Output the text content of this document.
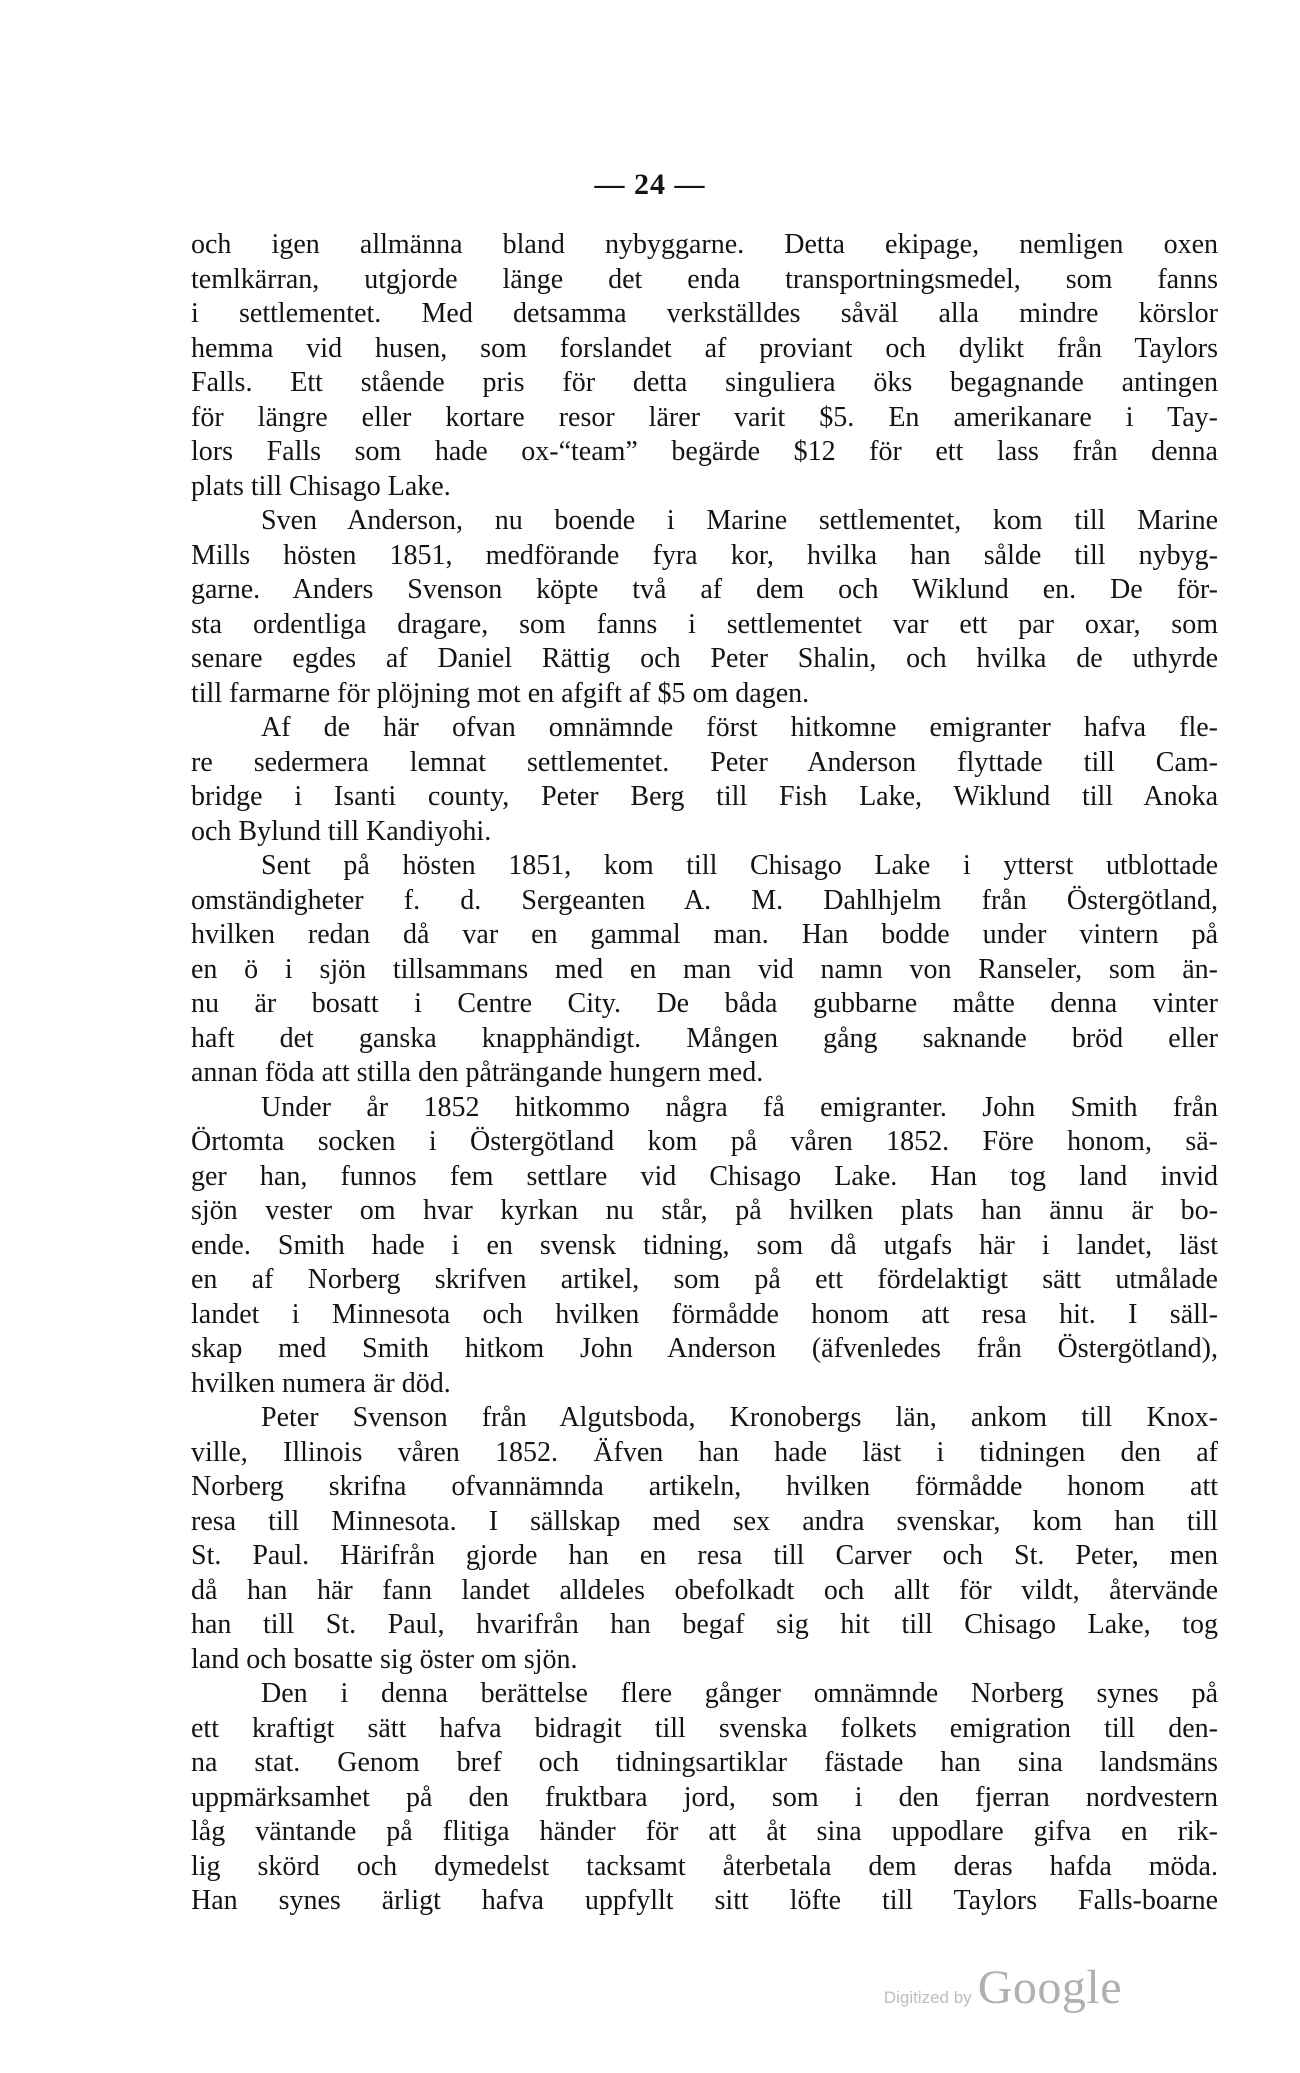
— 24 —
och igen allmänna bland nybyggarne. Detta ekipage, nemligen oxen
temlkärran, utgjorde länge det enda transportningsmedel, som fanns
i settlementet. Med detsamma verkställdes såväl alla mindre körslor
hemma vid husen, som forslandet af proviant och dylikt från Taylors
Falls. Ett stående pris för detta singuliera öks begagnande antingen
för längre eller kortare resor lärer varit $5. En amerikanare i Tay-
lors Falls som hade ox-“team” begärde $12 för ett lass från denna
plats till Chisago Lake.
Sven Anderson, nu boende i Marine settlementet, kom till Marine
Mills hösten 1851, medförande fyra kor, hvilka han sålde till nybyg-
garne. Anders Svenson köpte två af dem och Wiklund en. De för-
sta ordentliga dragare, som fanns i settlementet var ett par oxar, som
senare egdes af Daniel Rättig och Peter Shalin, och hvilka de uthyrde
till farmarne för plöjning mot en afgift af $5 om dagen.
Af de här ofvan omnämnde först hitkomne emigranter hafva fle-
re sedermera lemnat settlementet. Peter Anderson flyttade till Cam-
bridge i Isanti county, Peter Berg till Fish Lake, Wiklund till Anoka
och Bylund till Kandiyohi.
Sent på hösten 1851, kom till Chisago Lake i ytterst utblottade
omständigheter f. d. Sergeanten A. M. Dahlhjelm från Östergötland,
hvilken redan då var en gammal man. Han bodde under vintern på
en ö i sjön tillsammans med en man vid namn von Ranseler, som än-
nu är bosatt i Centre City. De båda gubbarne måtte denna vinter
haft det ganska knapphändigt. Mången gång saknande bröd eller
annan föda att stilla den påträngande hungern med.
Under år 1852 hitkommo några få emigranter. John Smith från
Örtomta socken i Östergötland kom på våren 1852. Före honom, sä-
ger han, funnos fem settlare vid Chisago Lake. Han tog land invid
sjön vester om hvar kyrkan nu står, på hvilken plats han ännu är bo-
ende. Smith hade i en svensk tidning, som då utgafs här i landet, läst
en af Norberg skrifven artikel, som på ett fördelaktigt sätt utmålade
landet i Minnesota och hvilken förmådde honom att resa hit. I säll-
skap med Smith hitkom John Anderson (äfvenledes från Östergötland),
hvilken numera är död.
Peter Svenson från Algutsboda, Kronobergs län, ankom till Knox-
ville, Illinois våren 1852. Äfven han hade läst i tidningen den af
Norberg skrifna ofvannämnda artikeln, hvilken förmådde honom att
resa till Minnesota. I sällskap med sex andra svenskar, kom han till
St. Paul. Härifrån gjorde han en resa till Carver och St. Peter, men
då han här fann landet alldeles obefolkadt och allt för vildt, återvände
han till St. Paul, hvarifrån han begaf sig hit till Chisago Lake, tog
land och bosatte sig öster om sjön.
Den i denna berättelse flere gånger omnämnde Norberg synes på
ett kraftigt sätt hafva bidragit till svenska folkets emigration till den-
na stat. Genom bref och tidningsartiklar fästade han sina landsmäns
uppmärksamhet på den fruktbara jord, som i den fjerran nordvestern
låg väntande på flitiga händer för att åt sina uppodlare gifva en rik-
lig skörd och dymedelst tacksamt återbetala dem deras hafda möda.
Han synes ärligt hafva uppfyllt sitt löfte till Taylors Falls-boarne
Digitized by Google
